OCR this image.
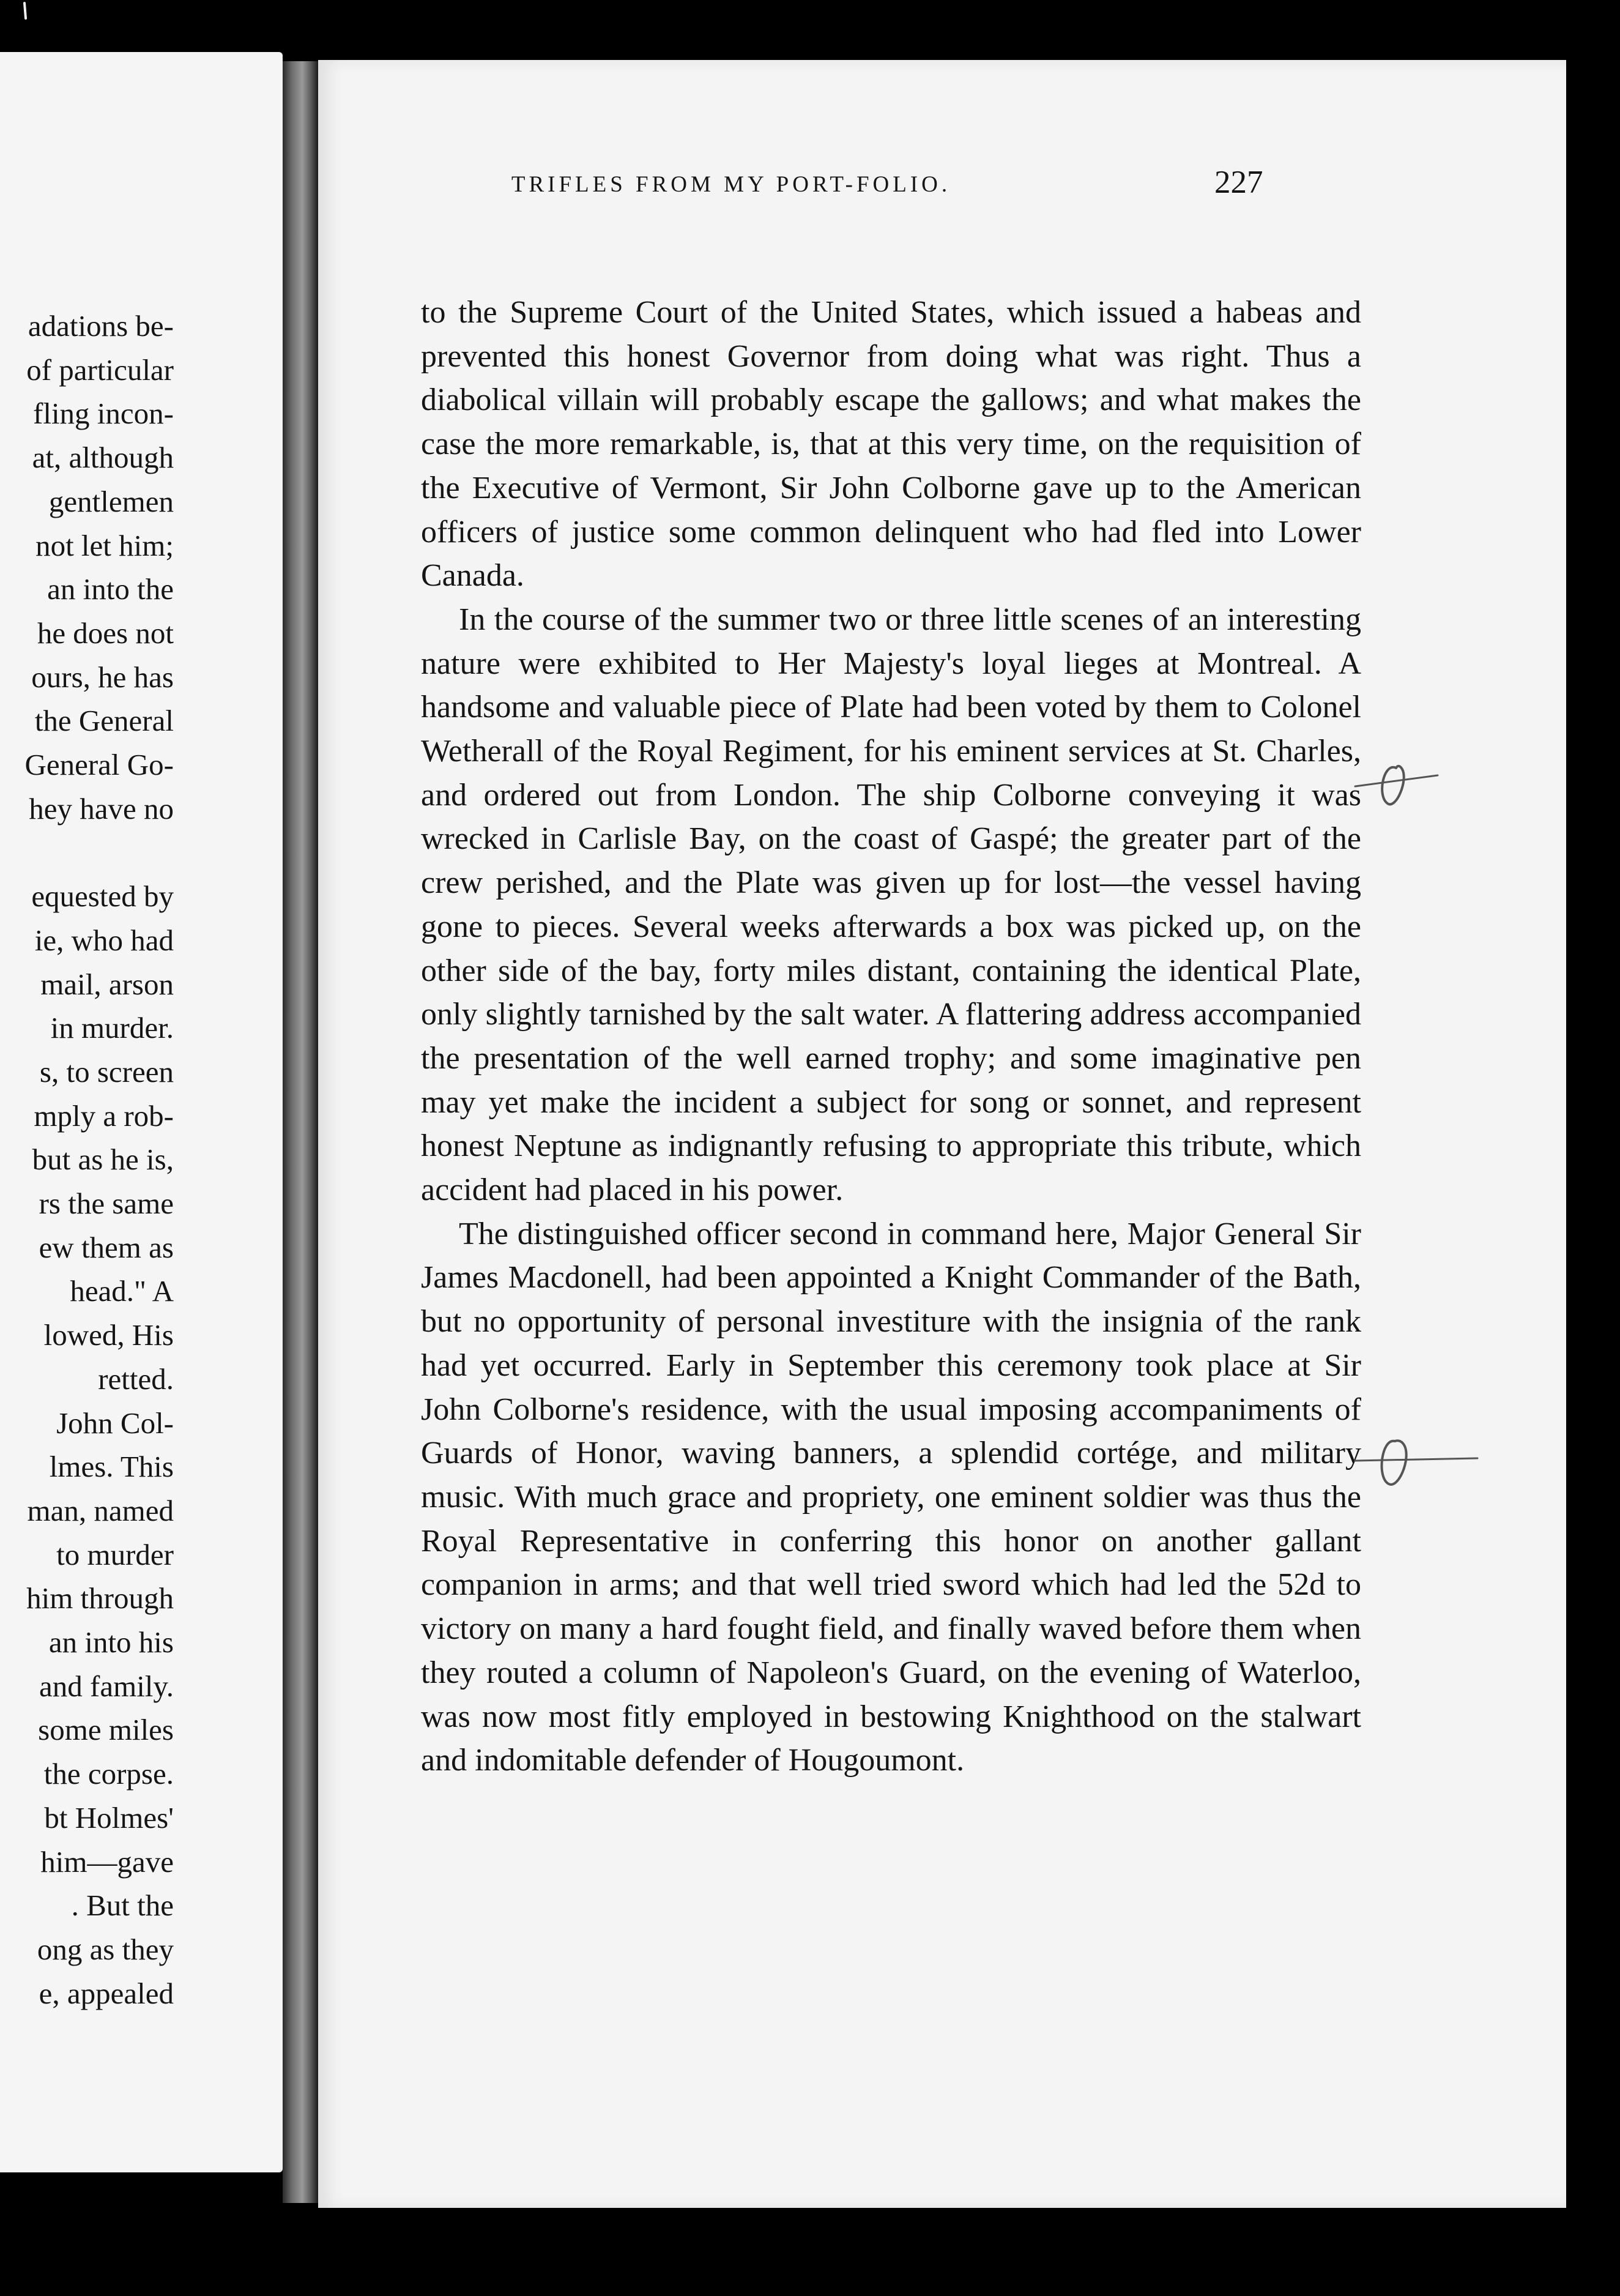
adations be-
of particular
fling incon-
at, although
gentlemen
not let him;
an into the
he does not
ours, he has
the General
General Go-
hey have no
equested by
ie, who had
mail, arson
in murder.
s, to screen
mply a rob-
but as he is,
rs the same
ew them as
head." A
lowed, His
retted.
John Col-
lmes. This
man, named
to murder
him through
an into his
and family.
some miles
the corpse.
bt Holmes'
him—gave
. But the
ong as they
e, appealed
TRIFLES FROM MY PORT-FOLIO.	227

to the Supreme Court of the United States, which issued a habeas and prevented this honest Governor from doing what was right. Thus a diabolical villain will probably escape the gallows; and what makes the case the more remarkable, is, that at this very time, on the requisition of the Executive of Vermont, Sir John Colborne gave up to the American officers of justice some common delinquent who had fled into Lower Canada.

In the course of the summer two or three little scenes of an interesting nature were exhibited to Her Majesty's loyal lieges at Montreal. A handsome and valuable piece of Plate had been voted by them to Colonel Wetherall of the Royal Regiment, for his eminent services at St. Charles, and ordered out from London. The ship Colborne conveying it was wrecked in Carlisle Bay, on the coast of Gaspé; the greater part of the crew perished, and the Plate was given up for lost—the vessel having gone to pieces. Several weeks afterwards a box was picked up, on the other side of the bay, forty miles distant, containing the identical Plate, only slightly tarnished by the salt water. A flattering address accompanied the presentation of the well earned trophy; and some imaginative pen may yet make the incident a subject for song or sonnet, and represent honest Neptune as indignantly refusing to appropriate this tribute, which accident had placed in his power.

The distinguished officer second in command here, Major General Sir James Macdonell, had been appointed a Knight Commander of the Bath, but no opportunity of personal investiture with the insignia of the rank had yet occurred. Early in September this ceremony took place at Sir John Colborne's residence, with the usual imposing accompaniments of Guards of Honor, waving banners, a splendid cortége, and military music. With much grace and propriety, one eminent soldier was thus the Royal Representative in conferring this honor on another gallant companion in arms; and that well tried sword which had led the 52d to victory on many a hard fought field, and finally waved before them when they routed a column of Napoleon's Guard, on the evening of Waterloo, was now most fitly employed in bestowing Knighthood on the stalwart and indomitable defender of Hougoumont.
